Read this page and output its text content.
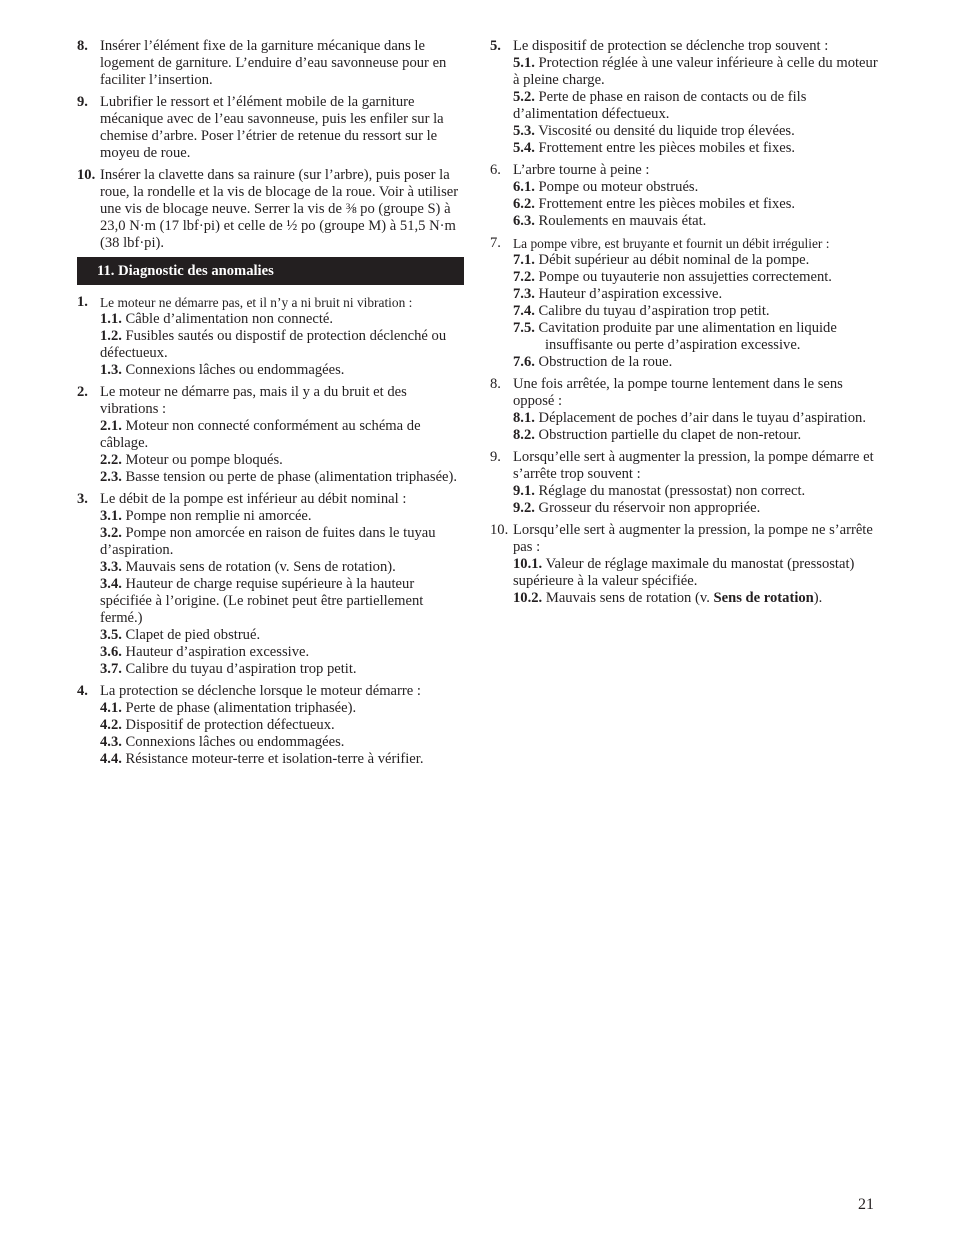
8. Insérer l’élément fixe de la garniture mécanique dans le logement de garniture. L’enduire d’eau savonneuse pour en faciliter l’insertion.
9. Lubrifier le ressort et l’élément mobile de la garniture mécanique avec de l’eau savonneuse, puis les enfiler sur la chemise d’arbre. Poser l’étrier de retenue du ressort sur le moyeu de roue.
10. Insérer la clavette dans sa rainure (sur l’arbre), puis poser la roue, la rondelle et la vis de blocage de la roue. Voir à utiliser une vis de blocage neuve. Serrer la vis de ⅜ po (groupe S) à 23,0 N·m (17 lbf·pi) et celle de ½ po (groupe M) à 51,5 N·m (38 lbf·pi).
11. Diagnostic des anomalies
1. Le moteur ne démarre pas, et il n’y a ni bruit ni vibration :
1.1. Câble d’alimentation non connecté.
1.2. Fusibles sautés ou dispostif de protection déclenché ou défectueux.
1.3. Connexions lâches ou endommagées.
2. Le moteur ne démarre pas, mais il y a du bruit et des vibrations :
2.1. Moteur non connecté conformément au schéma de câblage.
2.2. Moteur ou pompe bloqués.
2.3. Basse tension ou perte de phase (alimentation triphasée).
3. Le débit de la pompe est inférieur au débit nominal :
3.1. Pompe non remplie ni amorcée.
3.2. Pompe non amorcée en raison de fuites dans le tuyau d’aspiration.
3.3. Mauvais sens de rotation (v. Sens de rotation).
3.4. Hauteur de charge requise supérieure à la hauteur spécifiée à l’origine. (Le robinet peut être partiellement fermé.)
3.5. Clapet de pied obstrué.
3.6. Hauteur d’aspiration excessive.
3.7. Calibre du tuyau d’aspiration trop petit.
4. La protection se déclenche lorsque le moteur démarre :
4.1. Perte de phase (alimentation triphasée).
4.2. Dispositif de protection défectueux.
4.3. Connexions lâches ou endommagées.
4.4. Résistance moteur-terre et isolation-terre à vérifier.
5. Le dispositif de protection se déclenche trop souvent :
5.1. Protection réglée à une valeur inférieure à celle du moteur à pleine charge.
5.2. Perte de phase en raison de contacts ou de fils d’alimentation défectueux.
5.3. Viscosité ou densité du liquide trop élevées.
5.4. Frottement entre les pièces mobiles et fixes.
6. L’arbre tourne à peine :
6.1. Pompe ou moteur obstrués.
6.2. Frottement entre les pièces mobiles et fixes.
6.3. Roulements en mauvais état.
7. La pompe vibre, est bruyante et fournit un débit irrégulier :
7.1. Débit supérieur au débit nominal de la pompe.
7.2. Pompe ou tuyauterie non assujetties correctement.
7.3. Hauteur d’aspiration excessive.
7.4. Calibre du tuyau d’aspiration trop petit.
7.5. Cavitation produite par une alimentation en liquide insuffisante ou perte d’aspiration excessive.
7.6. Obstruction de la roue.
8. Une fois arrêtée, la pompe tourne lentement dans le sens opposé :
8.1. Déplacement de poches d’air dans le tuyau d’aspiration.
8.2. Obstruction partielle du clapet de non-retour.
9. Lorsqu’elle sert à augmenter la pression, la pompe démarre et s’arrête trop souvent :
9.1. Réglage du manostat (pressostat) non correct.
9.2. Grosseur du réservoir non appropriée.
10. Lorsqu’elle sert à augmenter la pression, la pompe ne s’arrête pas :
10.1. Valeur de réglage maximale du manostat (pressostat) supérieure à la valeur spécifiée.
10.2. Mauvais sens de rotation (v. Sens de rotation).
21
